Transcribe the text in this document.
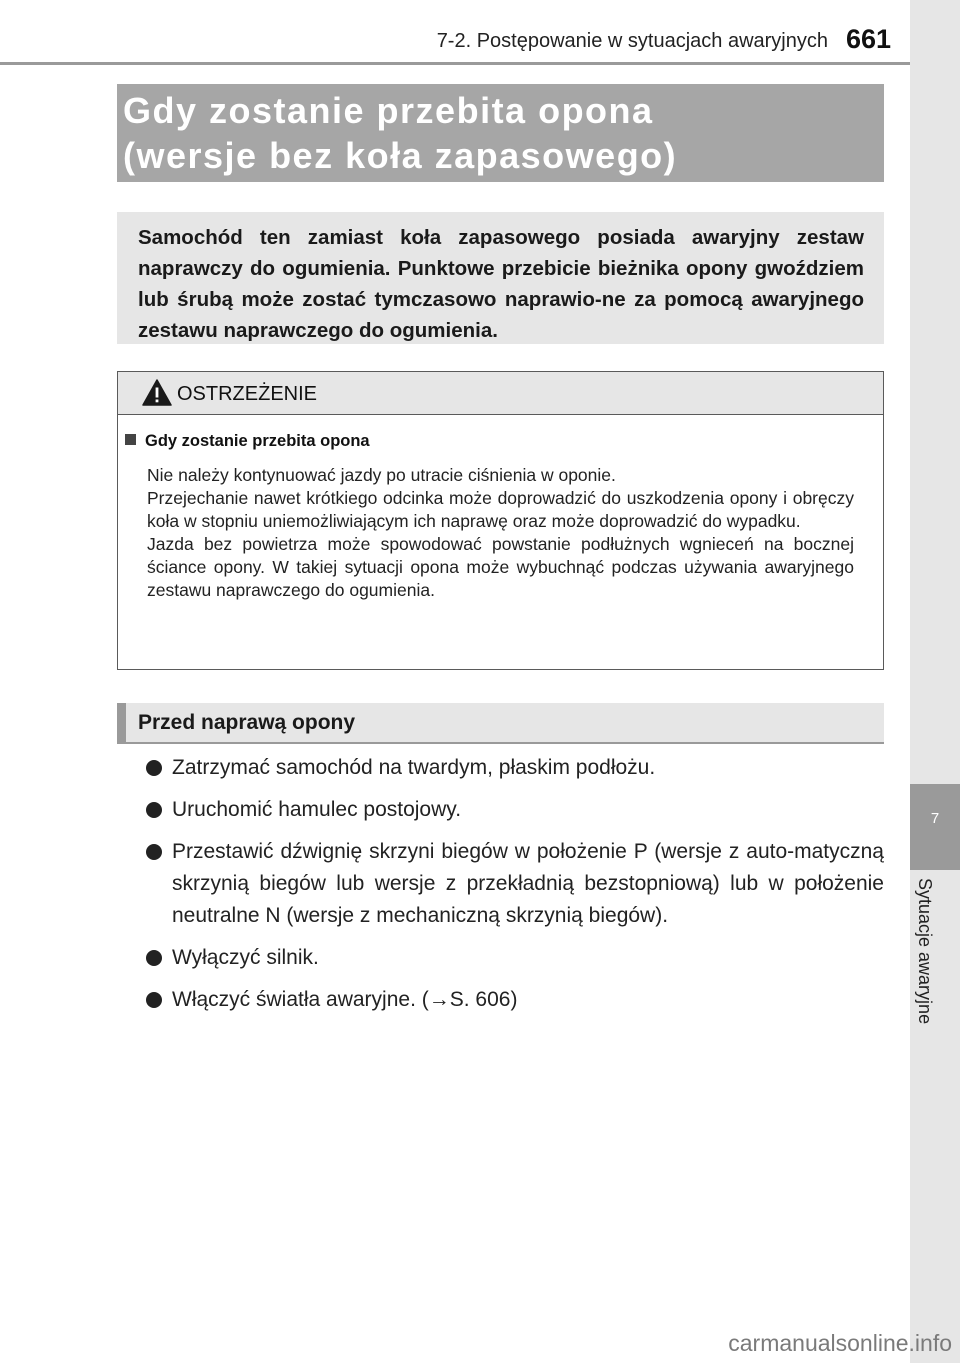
7
Sytuacje awaryjne
7-2. Postępowanie w sytuacjach awaryjnych 661
Gdy zostanie przebita opona
(wersje bez koła zapasowego)

Samochód ten zamiast koła zapasowego posiada awaryjny zestaw naprawczy do ogumienia. Punktowe przebicie bieżnika opony gwoździem lub śrubą może zostać tymczasowo naprawio-ne za pomocą awaryjnego zestawu naprawczego do ogumienia.

OSTRZEŻENIE
Gdy zostanie przebita opona

Nie należy kontynuować jazdy po utracie ciśnienia w oponie.

Przejechanie nawet krótkiego odcinka może doprowadzić do uszkodzenia opony i obręczy koła w stopniu uniemożliwiającym ich naprawę oraz może doprowadzić do wypadku.

Jazda bez powietrza może spowodować powstanie podłużnych wgnieceń na bocznej ściance opony. W takiej sytuacji opona może wybuchnąć podczas używania awaryjnego zestawu naprawczego do ogumienia.

Przed naprawą opony
Zatrzymać samochód na twardym, płaskim podłożu.
Uruchomić hamulec postojowy.
Przestawić dźwignię skrzyni biegów w położenie P (wersje z auto-matyczną skrzynią biegów lub wersje z przekładnią bezstopniową) lub w położenie neutralne N (wersje z mechaniczną skrzynią biegów).
Wyłączyć silnik.
Włączyć światła awaryjne. (→S. 606)
carmanualsonline.info
